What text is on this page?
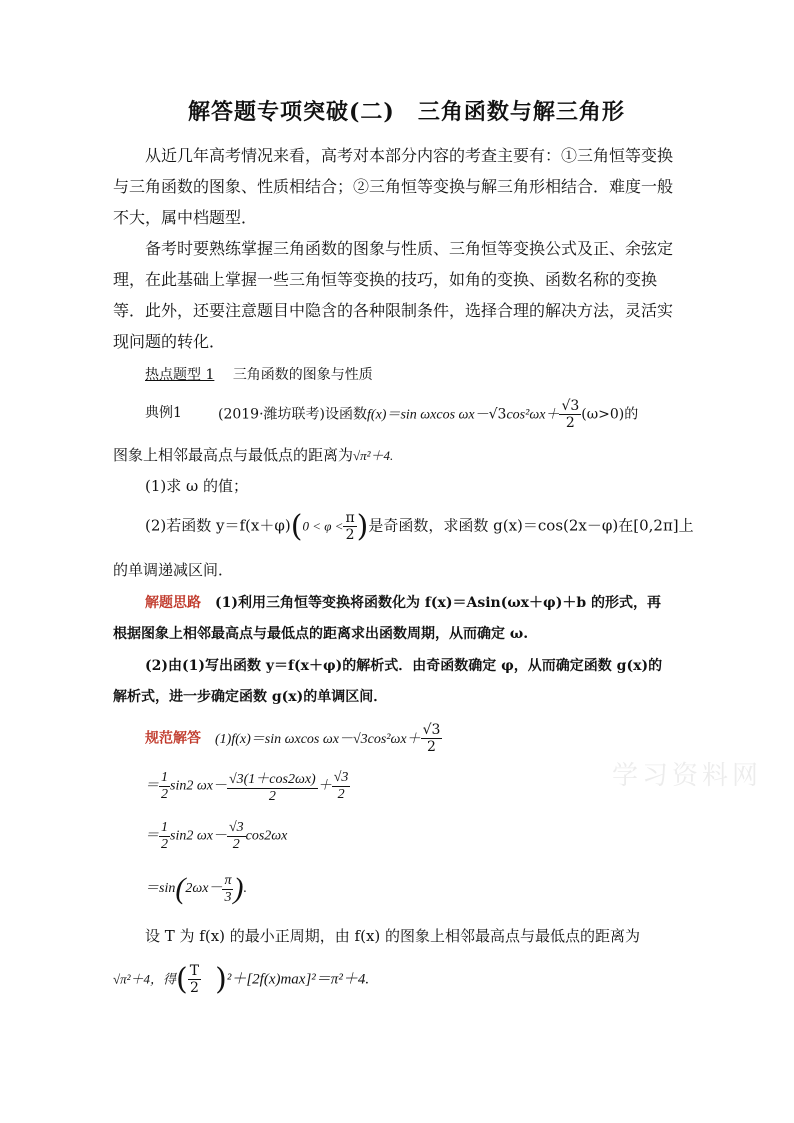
解答题专项突破(二)　三角函数与解三角形
从近几年高考情况来看，高考对本部分内容的考查主要有：①三角恒等变换
与三角函数的图象、性质相结合；②三角恒等变换与解三角形相结合．难度一般
不大，属中档题型．
备考时要熟练掌握三角函数的图象与性质、三角恒等变换公式及正、余弦定
理，在此基础上掌握一些三角恒等变换的技巧，如角的变换、函数名称的变换
等．此外，还要注意题目中隐含的各种限制条件，选择合理的解决方法，灵活实
现问题的转化．
热点题型 1 三角函数的图象与性质
典例1	(2019·潍坊联考)设函数f(x)＝sin ωxcos $\omega x-√3\cos^2\omega x+ \frac{√3}{2} (\omega>0)$的
图象上相邻最高点与最低点的距离为√π²＋4.
(1)求 ω 的值；
(2)若函数 $y=f(x+\varphi)(0 < \varphi < \frac{\pi}{2}$ )是奇函数，求函数 g(x)＝cos(2x－φ)在[0,2π]上
的单调递减区间．
解题思路 (1)利用三角恒等变换将函数化为 f(x)＝Asin(ωx＋φ)＋b 的形式，再
根据图象上相邻最高点与最低点的距离求出函数周期，从而确定 ω.
(2)由(1)写出函数 y＝f(x＋φ)的解析式．由奇函数确定 φ，从而确定函数 g(x)的
解析式，进一步确定函数 g(x)的单调区间．
规范解答 (1)f(x)＝sin ωxcos $\omega x-√3\cos^2\omega x+ \frac{√3}{2}$
＝ $\frac{1}{2} \sin 2$ $\omega x- \frac{√3(1+\cos 2\omega x)}{2} + \frac{√3}{2}$
＝ $\frac{1}{2} \sin 2$ $\omega x- \frac{√3}{2} \cos 2\omega x$
$=\sin(2\omega x- \frac{\pi}{3}$ ).
设 T 为 f(x) 的最小正周期，由 f(x) 的图象上相邻最高点与最低点的距离为
√π²＋4，得( $\frac{T}{2} )^2+[2f(x)\max]^2=\pi^2+4$.
学习资料网
